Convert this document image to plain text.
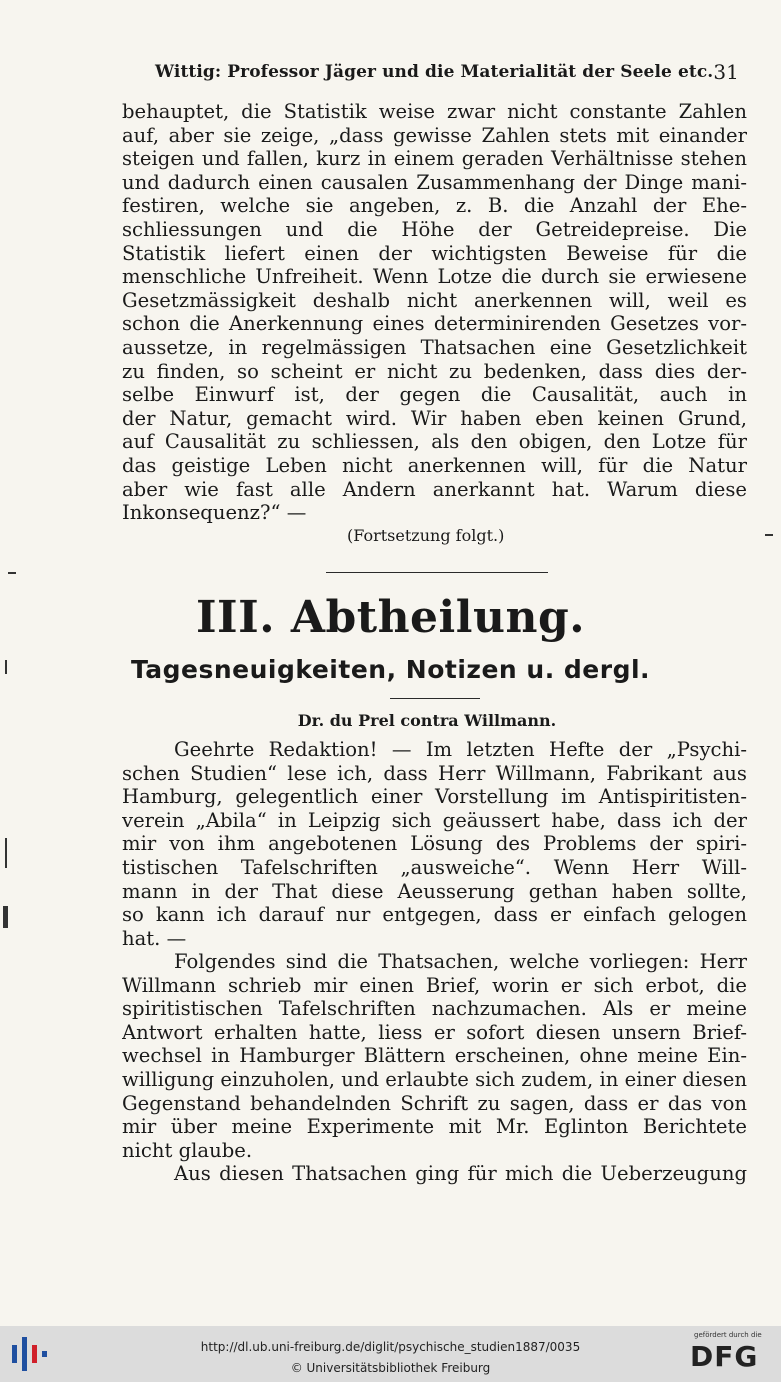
Wittig: Professor Jäger und die Materialität der Seele etc. 31
behauptet, die Statistik weise zwar nicht constante Zahlen
auf, aber sie zeige, „dass gewisse Zahlen stets mit einander
steigen und fallen, kurz in einem geraden Verhältnisse stehen
und dadurch einen causalen Zusammenhang der Dinge mani-
festiren, welche sie angeben, z. B. die Anzahl der Ehe-
schliessungen und die Höhe der Getreidepreise. Die
Statistik liefert einen der wichtigsten Beweise für die
menschliche Unfreiheit. Wenn Lotze die durch sie erwiesene
Gesetzmässigkeit deshalb nicht anerkennen will, weil es
schon die Anerkennung eines determinirenden Gesetzes vor-
aussetze, in regelmässigen Thatsachen eine Gesetzlichkeit
zu finden, so scheint er nicht zu bedenken, dass dies der-
selbe Einwurf ist, der gegen die Causalität, auch in
der Natur, gemacht wird. Wir haben eben keinen Grund,
auf Causalität zu schliessen, als den obigen, den Lotze für
das geistige Leben nicht anerkennen will, für die Natur
aber wie fast alle Andern anerkannt hat. Warum diese
Inkonsequenz?“ —
(Fortsetzung folgt.)
III. Abtheilung.
Tagesneuigkeiten, Notizen u. dergl.
Dr. du Prel contra Willmann.
Geehrte Redaktion! — Im letzten Hefte der „Psychi-
schen Studien“ lese ich, dass Herr Willmann, Fabrikant aus
Hamburg, gelegentlich einer Vorstellung im Antispiritisten-
verein „Abila“ in Leipzig sich geäussert habe, dass ich der
mir von ihm angebotenen Lösung des Problems der spiri-
tistischen Tafelschriften „ausweiche“. Wenn Herr Will-
mann in der That diese Aeusserung gethan haben sollte,
so kann ich darauf nur entgegen, dass er einfach gelogen
hat. —
Folgendes sind die Thatsachen, welche vorliegen: Herr
Willmann schrieb mir einen Brief, worin er sich erbot, die
spiritistischen Tafelschriften nachzumachen. Als er meine
Antwort erhalten hatte, liess er sofort diesen unsern Brief-
wechsel in Hamburger Blättern erscheinen, ohne meine Ein-
willigung einzuholen, und erlaubte sich zudem, in einer diesen
Gegenstand behandelnden Schrift zu sagen, dass er das von
mir über meine Experimente mit Mr. Eglinton Berichtete
nicht glaube.
Aus diesen Thatsachen ging für mich die Ueberzeugung
http://dl.ub.uni-freiburg.de/diglit/psychische_studien1887/0035
© Universitätsbibliothek Freiburg
gefördert durch die
DFG
